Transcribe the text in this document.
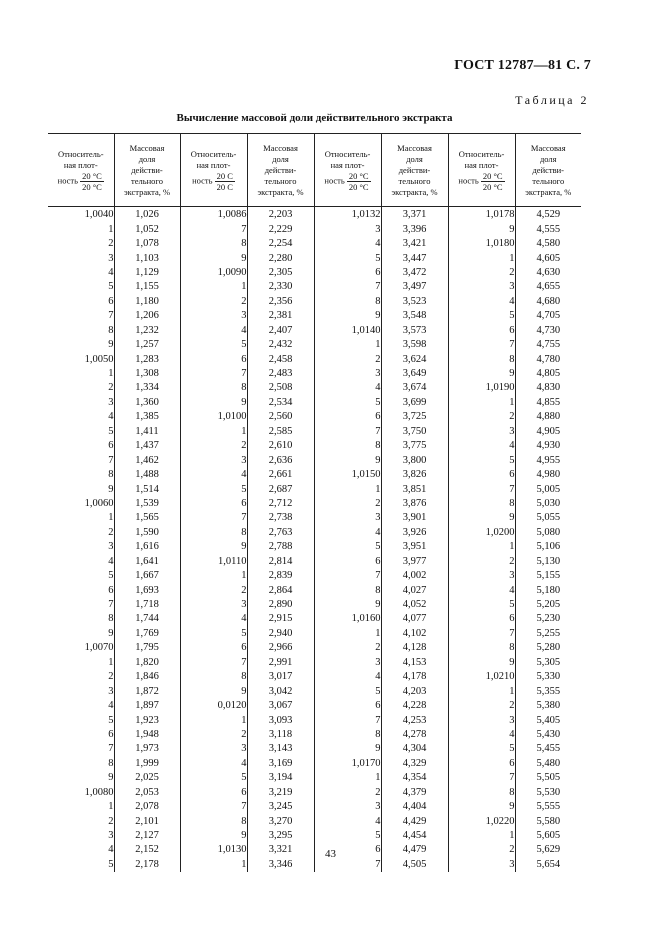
ГОСТ 12787—81 С. 7
Таблица 2
Вычисление массовой доли действительного экстракта
Относитель-
ная плот-
ность $\frac{20 ^\circ C}{20 ^\circ C}$	Массовая
доля
действи-
тельного
экстракта, %	Относитель-
ная плот-
ность $\frac{20 С}{20 С}$	Массовая
доля
действи-
тельного
экстракта, %	Относитель-
ная плот-
ность $\frac{20 ^\circ C}{20 ^\circ C}$	Массовая
доля
действи-
тельного
экстракта, %	Относитель-
ная плот-
ность $\frac{20 ^\circ C}{20 ^\circ C}$	Массовая
доля
действи-
тельного
экстракта, %
1,0040	1,026	1,0086	2,203	1,0132	3,371	1,0178	4,529
1	1,052	7	2,229	3	3,396	9	4,555
2	1,078	8	2,254	4	3,421	1,0180	4,580
3	1,103	9	2,280	5	3,447	1	4,605
4	1,129	1,0090	2,305	6	3,472	2	4,630
5	1,155	1	2,330	7	3,497	3	4,655
6	1,180	2	2,356	8	3,523	4	4,680
7	1,206	3	2,381	9	3,548	5	4,705
8	1,232	4	2,407	1,0140	3,573	6	4,730
9	1,257	5	2,432	1	3,598	7	4,755
1,0050	1,283	6	2,458	2	3,624	8	4,780
1	1,308	7	2,483	3	3,649	9	4,805
2	1,334	8	2,508	4	3,674	1,0190	4,830
3	1,360	9	2,534	5	3,699	1	4,855
4	1,385	1,0100	2,560	6	3,725	2	4,880
5	1,411	1	2,585	7	3,750	3	4,905
6	1,437	2	2,610	8	3,775	4	4,930
7	1,462	3	2,636	9	3,800	5	4,955
8	1,488	4	2,661	1,0150	3,826	6	4,980
9	1,514	5	2,687	1	3,851	7	5,005
1,0060	1,539	6	2,712	2	3,876	8	5,030
1	1,565	7	2,738	3	3,901	9	5,055
2	1,590	8	2,763	4	3,926	1,0200	5,080
3	1,616	9	2,788	5	3,951	1	5,106
4	1,641	1,0110	2,814	6	3,977	2	5,130
5	1,667	1	2,839	7	4,002	3	5,155
6	1,693	2	2,864	8	4,027	4	5,180
7	1,718	3	2,890	9	4,052	5	5,205
8	1,744	4	2,915	1,0160	4,077	6	5,230
9	1,769	5	2,940	1	4,102	7	5,255
1,0070	1,795	6	2,966	2	4,128	8	5,280
1	1,820	7	2,991	3	4,153	9	5,305
2	1,846	8	3,017	4	4,178	1,0210	5,330
3	1,872	9	3,042	5	4,203	1	5,355
4	1,897	0,0120	3,067	6	4,228	2	5,380
5	1,923	1	3,093	7	4,253	3	5,405
6	1,948	2	3,118	8	4,278	4	5,430
7	1,973	3	3,143	9	4,304	5	5,455
8	1,999	4	3,169	1,0170	4,329	6	5,480
9	2,025	5	3,194	1	4,354	7	5,505
1,0080	2,053	6	3,219	2	4,379	8	5,530
1	2,078	7	3,245	3	4,404	9	5,555
2	2,101	8	3,270	4	4,429	1,0220	5,580
3	2,127	9	3,295	5	4,454	1	5,605
4	2,152	1,0130	3,321	6	4,479	2	5,629
5	2,178	1	3,346	7	4,505	3	5,654
43
